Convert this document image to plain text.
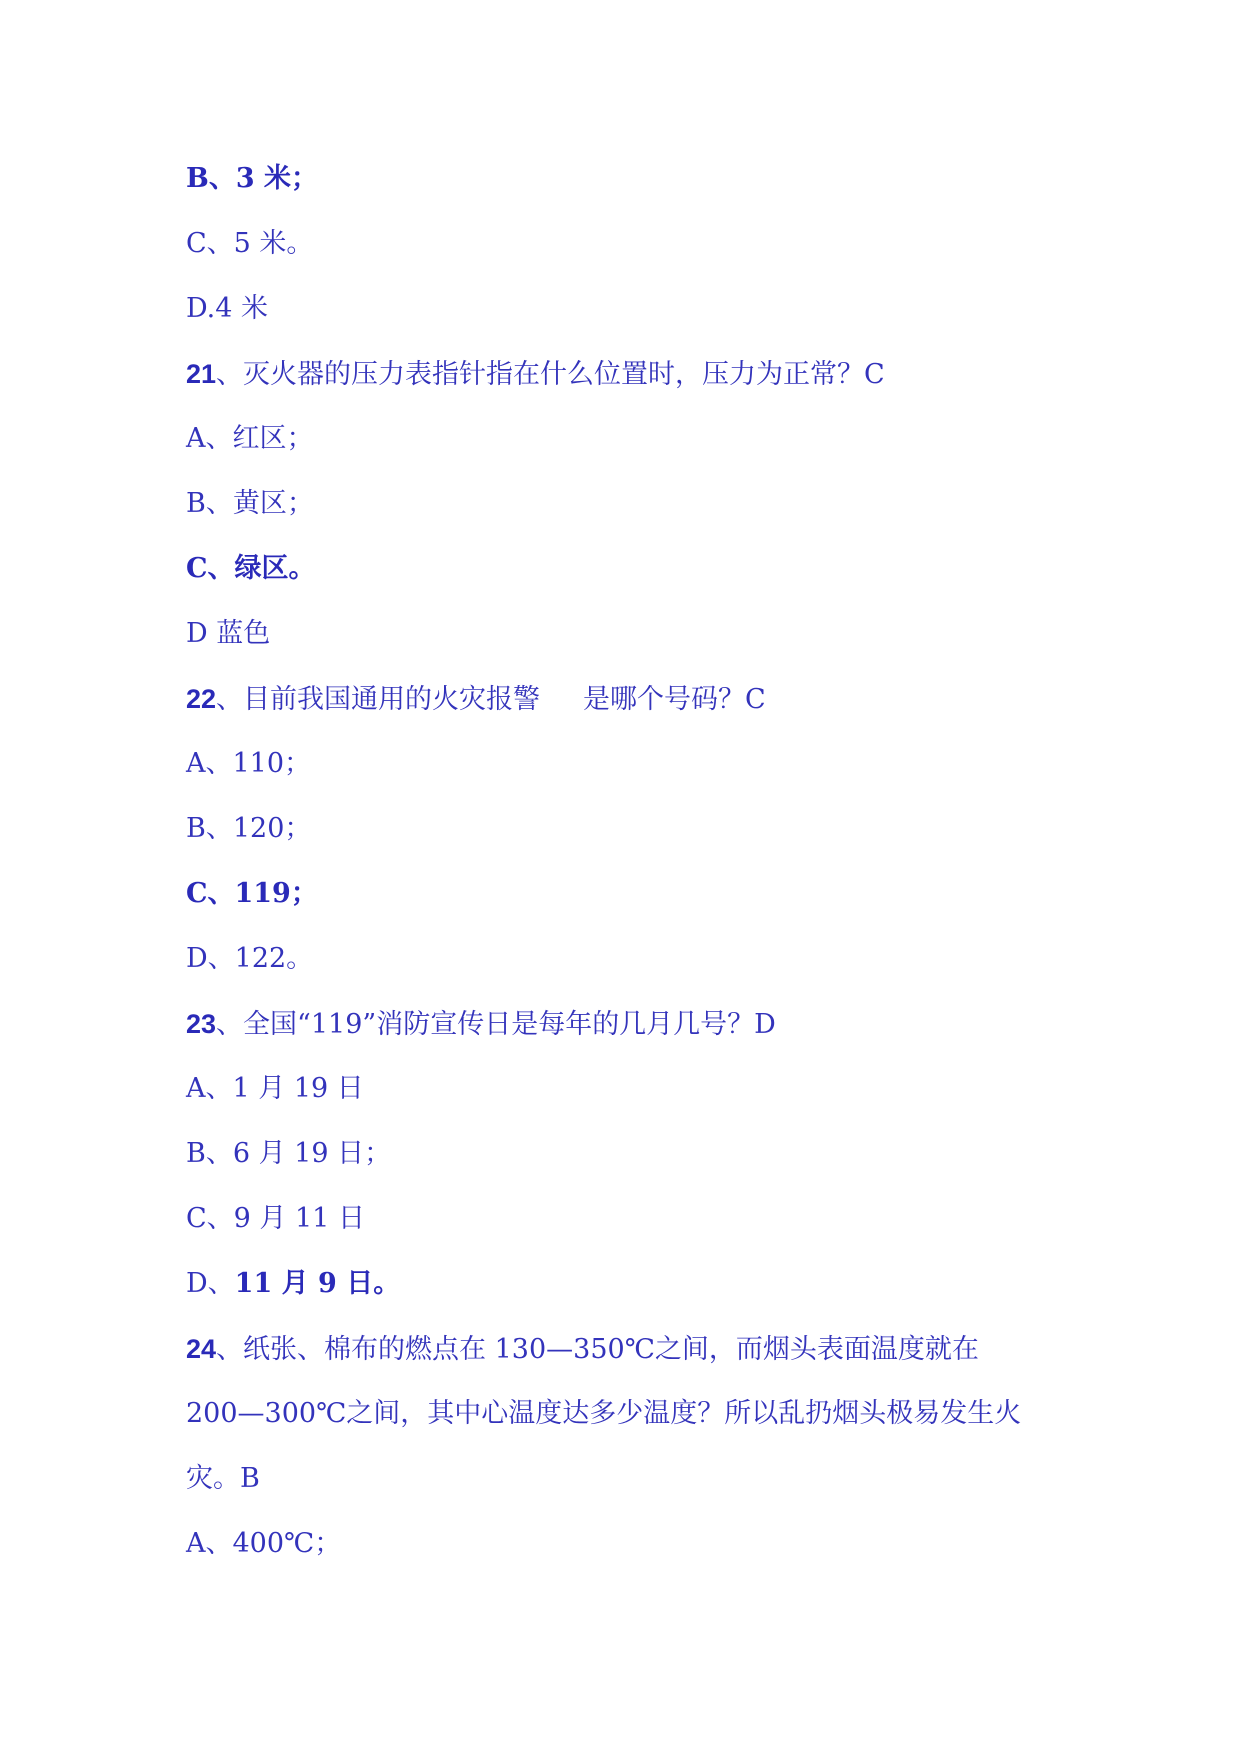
B、3 米；
C、5 米。
D.4 米
21、灭火器的压力表指针指在什么位置时，压力为正常？C
A、红区；
B、黄区；
C、绿区。
D 蓝色
22、目前我国通用的火灾报警     是哪个号码？C
A、110；
B、120；
C、119；
D、122。
23、全国“119”消防宣传日是每年的几月几号？D
A、1 月 19 日
B、6 月 19 日；
C、9 月 11 日
D、11 月 9 日。
24、纸张、棉布的燃点在 130—350℃之间，而烟头表面温度就在
200—300℃之间，其中心温度达多少温度？所以乱扔烟头极易发生火
灾。B
A、400℃；
